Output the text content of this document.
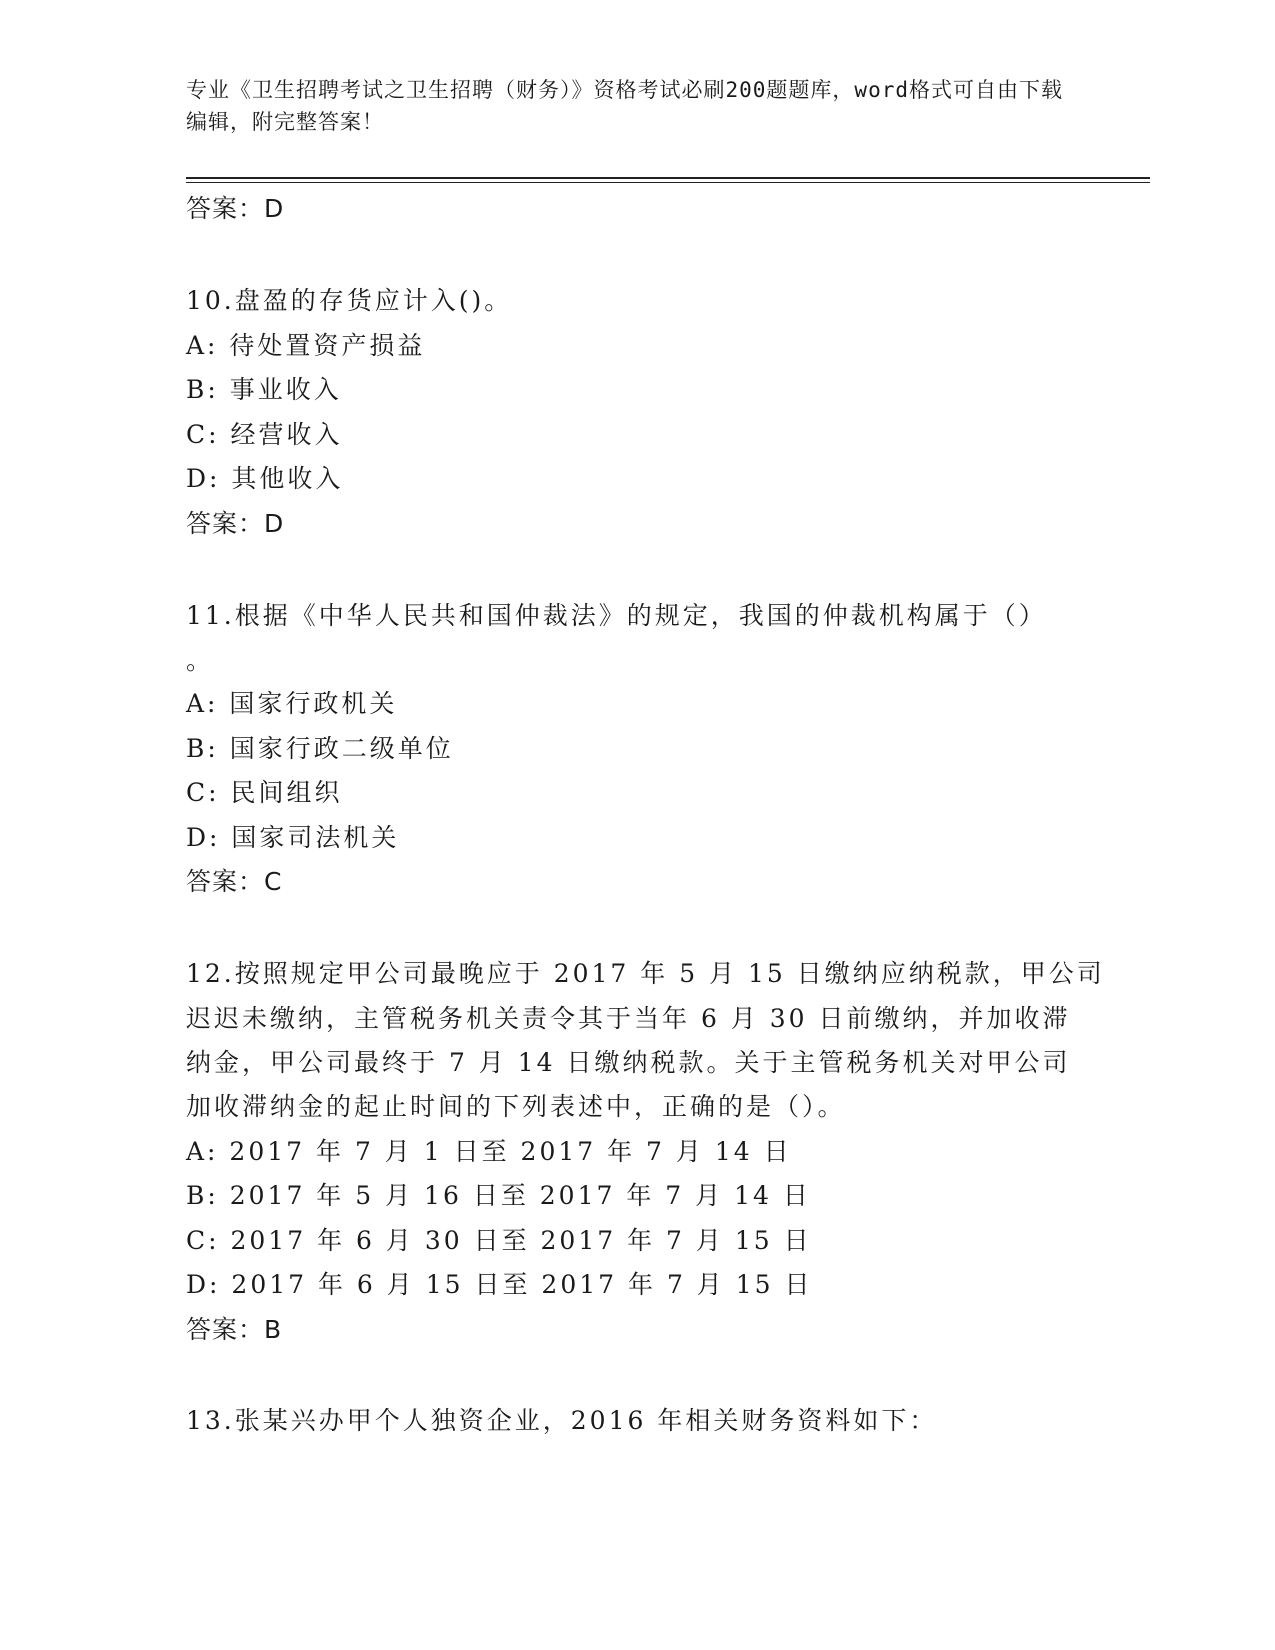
专业《卫生招聘考试之卫生招聘（财务）》资格考试必刷200题题库，word格式可自由下载编辑，附完整答案！
答案：D
10.盘盈的存货应计入()。
A: 待处置资产损益
B: 事业收入
C: 经营收入
D: 其他收入
答案：D
11.根据《中华人民共和国仲裁法》的规定，我国的仲裁机构属于（）
。
A: 国家行政机关
B: 国家行政二级单位
C: 民间组织
D: 国家司法机关
答案：C
12.按照规定甲公司最晚应于 2017 年 5 月 15 日缴纳应纳税款，甲公司
迟迟未缴纳，主管税务机关责令其于当年 6 月 30 日前缴纳，并加收滞
纳金，甲公司最终于 7 月 14 日缴纳税款。关于主管税务机关对甲公司
加收滞纳金的起止时间的下列表述中，正确的是（）。
A: 2017 年 7 月 1 日至 2017 年 7 月 14 日
B: 2017 年 5 月 16 日至 2017 年 7 月 14 日
C: 2017 年 6 月 30 日至 2017 年 7 月 15 日
D: 2017 年 6 月 15 日至 2017 年 7 月 15 日
答案：B
13.张某兴办甲个人独资企业，2016 年相关财务资料如下：
